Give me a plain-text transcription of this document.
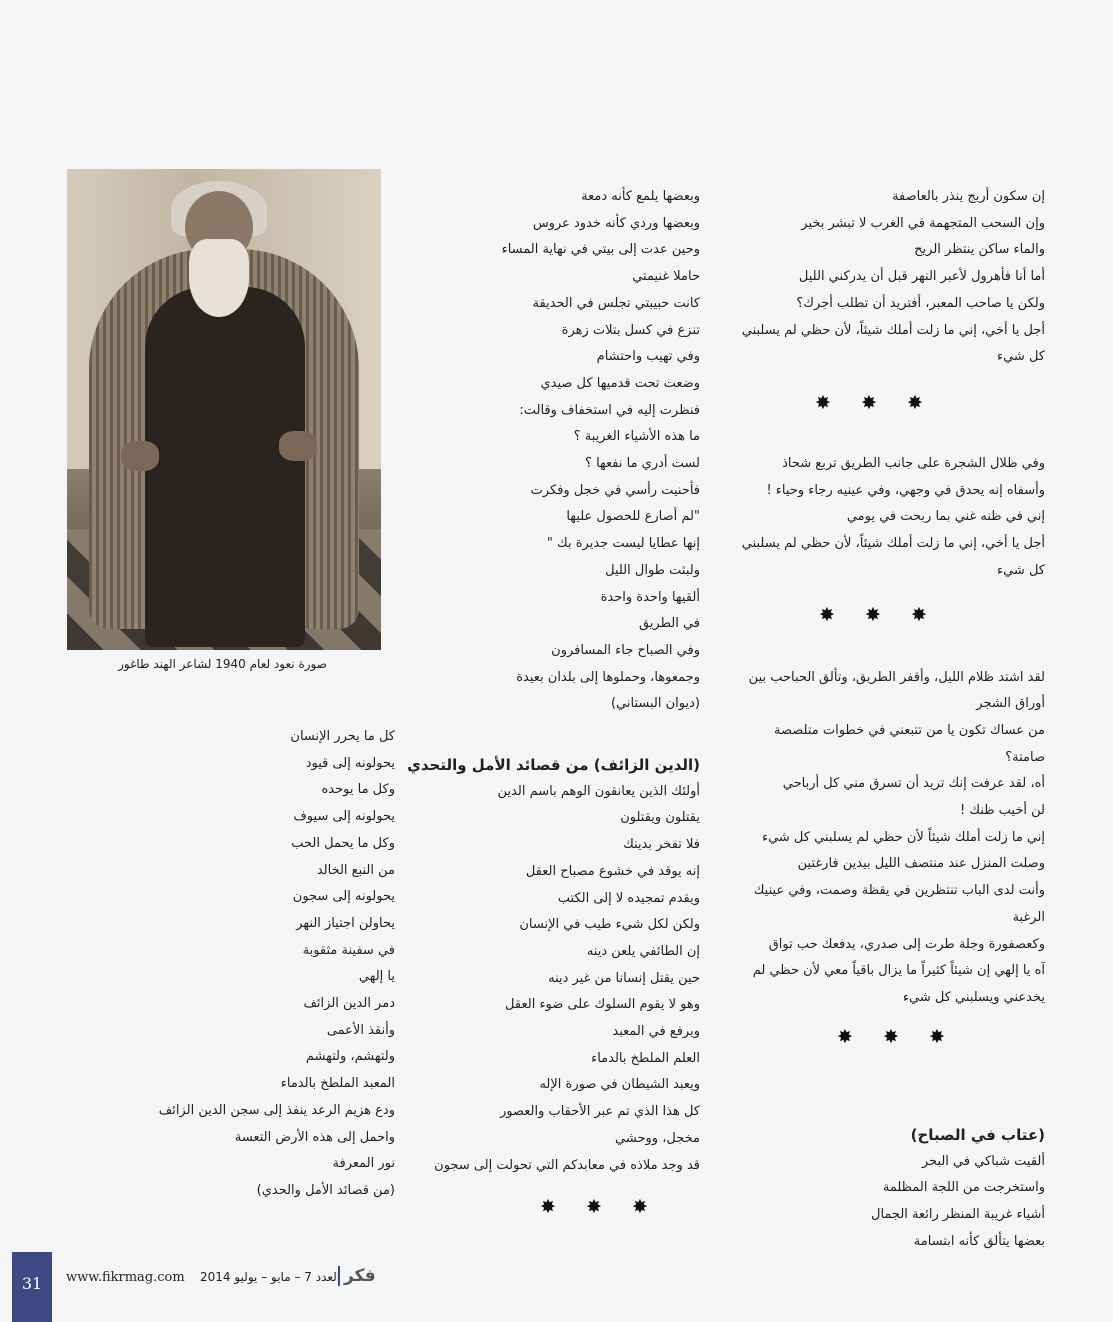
إن سكون أريج ينذر بالعاصفة
وإن السحب المتجهمة في الغرب لا تبشر بخير
والماء ساكن ينتظر الريح
أما أنا فأهرول لأعبر النهر قبل أن يدركني الليل
ولكن يا صاحب المعبر، أفتريد أن تطلب أجرك؟
أجل يا أخي، إني ما زلت أملك شيئاً، لأن حظي لم يسلبني
كل شيء
وفي ظلال الشجرة على جانب الطريق تربع شحاذ
وأسفاه إنه يحدق في وجهي، وفي عينيه رجاء وحياء !
إني في ظنه غني بما ربحت في يومي
أجل يا أخي، إني ما زلت أملك شيئاً، لأن حظي لم يسلبني
كل شيء
لقد اشتد ظلام الليل، وأقفر الطريق، وتألق الحباحب بين
أوراق الشجر
من عساك تكون يا من تتبعني في خطوات متلصصة
صامتة؟
أه، لقد عرفت إنك تريد أن تسرق مني كل أرباحي
لن أخيب ظنك !
إني ما زلت أملك شيئاً لأن حظي لم يسلبني كل شيء
وصلت المنزل عند منتصف الليل بيدين فارغتين
وأنت لدى الباب تنتظرين في يقظة وصمت، وفي عينيك
الرغبة
وكعصفورة وجلة طرت إلى صدري، يدفعك حب تواق
آه يا إلهي إن شيئاً كثيراً ما يزال باقياً معي لأن حظي لم
يخدعني ويسلبني كل شيء
✸ ✸ ✸
✸ ✸ ✸
✸ ✸ ✸
(عتاب في الصباح)
ألقيت شباكي في البحر
واستخرجت من اللجة المظلمة
أشياء غريبة المنظر رائعة الجمال
بعضها يتألق كأنه ابتسامة
وبعضها يلمع كأنه دمعة
وبعضها وردي كأنه خدود عروس
وحين عدت إلى بيتي في نهاية المساء
حاملا غنيمتي
كانت حبيبتي تجلس في الحديقة
تنزع في كسل بتلات زهرة
وفي تهيب واحتشام
وضعت تحت قدميها كل صيدي
فنظرت إليه في استخفاف وقالت:
ما هذه الأشياء الغريبة ؟
لست أدري ما نفعها ؟
فأحنيت رأسي في خجل وفكرت
"لم أصارع للحصول عليها
إنها عطايا ليست جديرة بك "
ولبثت طوال الليل
ألقيها واحدة واحدة
في الطريق
وفي الصباح جاء المسافرون
وجمعوها، وحملوها إلى بلدان بعيدة
(ديوان البستاني)
(الدين الزائف) من قصائد الأمل والتحدي
أولئك الذين يعانقون الوهم باسم الدين
يقتلون ويقتلون
فلا تفخر بدينك
إنه يوقد في خشوع مصباح العقل
ويقدم تمجيده لا إلى الكتب
ولكن لكل شيء طيب في الإنسان
إن الطائفي يلعن دينه
حين يقتل إنسانا من غير دينه
وهو لا يقوم السلوك على ضوء العقل
ويرفع في المعبد
العلم الملطخ بالدماء
ويعبد الشيطان في صورة الإله
كل هذا الذي تم عبر الأحقاب والعصور
مخجل، ووحشي
قد وجد ملاذه في معابدكم التي تحولت إلى سجون
✸ ✸ ✸
صورة نعود لعام 1940 لشاعر الهند طاغور
كل ما يحرر الإنسان
يحولونه إلى قيود
وكل ما يوحده
يحولونه إلى سيوف
وكل ما يحمل الحب
من النبع الخالد
يحولونه إلى سجون
يحاولن اجتياز النهر
في سفينة مثقوبة
يا إلهي
دمر الدين الزائف
وأنقذ الأعمى
ولتهشم، ولتهشم
المعبد الملطخ بالدماء
ودع هزيم الرعد ينفذ إلى سجن الدين الزائف
واحمل إلى هذه الأرض التعسة
نور المعرفة
(من قصائد الأمل والحدي)
31	www.fikrmag.com العدد 7 – مايو – يوليو 2014 فكر
